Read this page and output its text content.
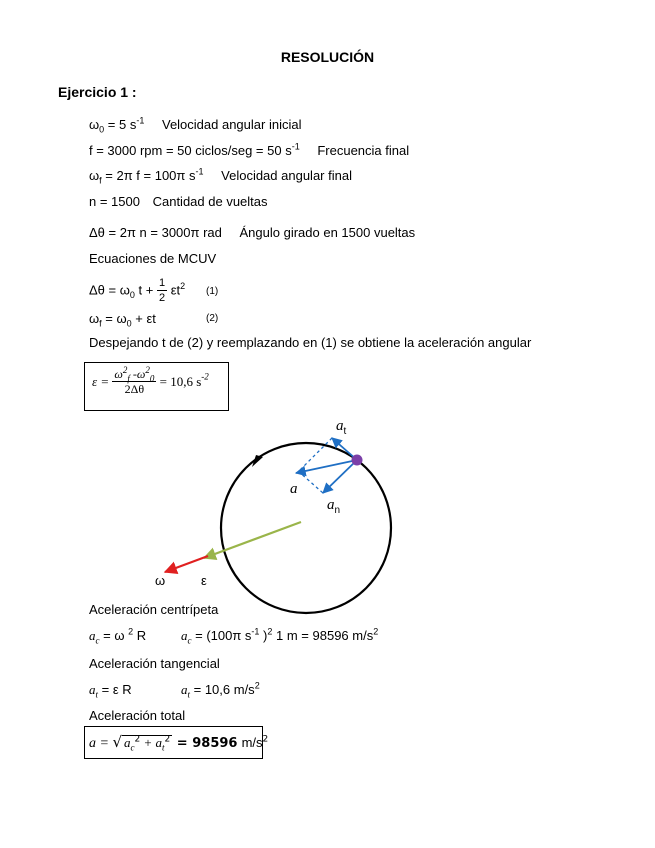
RESOLUCIÓN
Ejercicio 1 :
$\omega_0 = 5$ $s^{-1}$ Velocidad angular inicial
f = 3000 rpm = 50 ciclos/seg = 50 $s^{-1}$ Frecuencia final
$\omega_f = 2\pi$ f = 100π $s^{-1}$ Velocidad angular final
n = 1500 Cantidad de vueltas
Δθ = 2π n = 3000π rad Ángulo girado en 1500 vueltas
Ecuaciones de MCUV
$\Delta\theta = \omega_0$ $t + \frac{1}{2} \varepsilon t^2$ (1)
$\omega_f = \omega_0 + \varepsilon t$	(2)
Despejando t de (2) y reemplazando en (1) se obtiene la aceleración angular
$\varepsilon = \frac{\omega^2_f -\omega^2_0}{2\Delta\theta} = 10,6$ $s^{-2}$
$a_t$
a
$a_n$
ω	ε
Aceleración centrípeta
$a_c = \omega$ $^2$ R	$a_c = (100\pi$ $s^{-1}$ )$^2$ 1 m = 98596 $m/s^2$
Aceleración tangencial
$a_t = \varepsilon$ R	$a_t = 10,6$ $m/s^2$
Aceleración total
a = √ $a_c^2 + a_t^2 = 98596$ $m/s^2$
